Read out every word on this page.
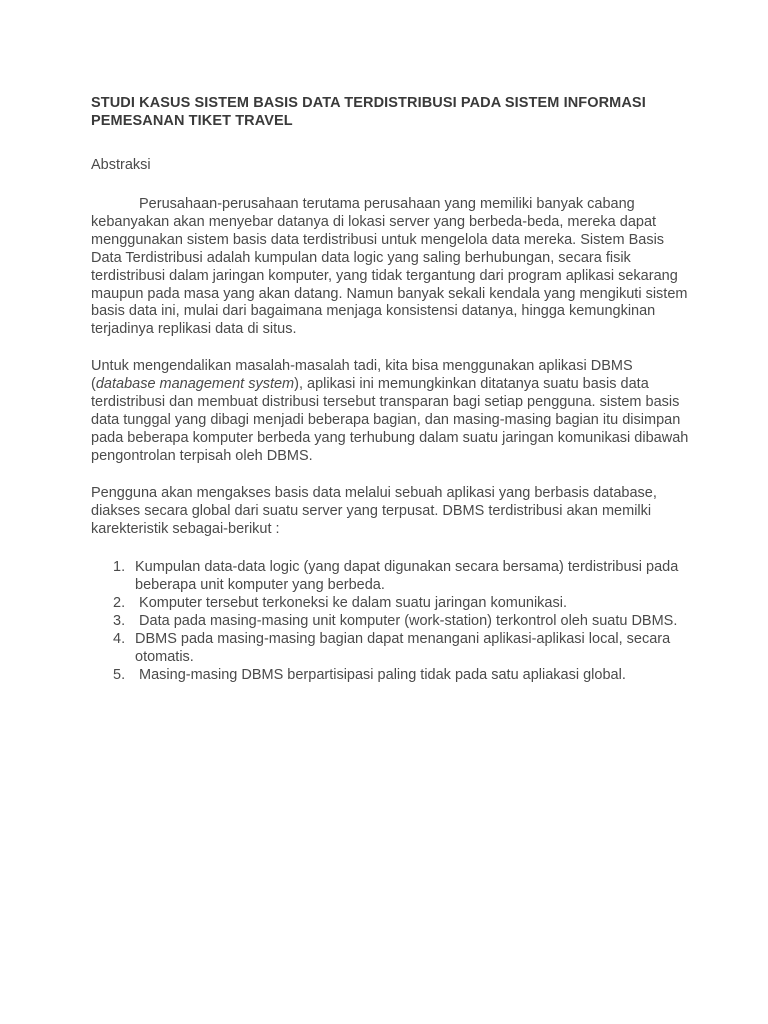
STUDI KASUS SISTEM BASIS DATA TERDISTRIBUSI PADA SISTEM INFORMASI PEMESANAN TIKET TRAVEL

Abstraksi

Perusahaan-perusahaan terutama perusahaan yang memiliki banyak cabang kebanyakan akan menyebar datanya di lokasi server yang berbeda-beda, mereka dapat menggunakan sistem basis data terdistribusi untuk mengelola data mereka. Sistem Basis Data Terdistribusi adalah kumpulan data logic yang saling berhubungan, secara fisik terdistribusi dalam jaringan komputer, yang tidak tergantung dari program aplikasi sekarang maupun pada masa yang akan datang. Namun banyak sekali kendala yang mengikuti sistem basis data ini, mulai dari bagaimana menjaga konsistensi datanya, hingga kemungkinan terjadinya replikasi data di situs.

Untuk mengendalikan masalah-masalah tadi, kita bisa menggunakan aplikasi DBMS (database management system), aplikasi ini memungkinkan ditatanya suatu basis data terdistribusi dan membuat distribusi tersebut transparan bagi setiap pengguna. sistem basis data tunggal yang dibagi menjadi beberapa bagian, dan masing-masing bagian itu disimpan pada beberapa komputer berbeda yang terhubung dalam suatu jaringan komunikasi dibawah pengontrolan terpisah oleh DBMS.

Pengguna akan mengakses basis data melalui sebuah aplikasi yang berbasis database, diakses secara global dari suatu server yang terpusat. DBMS terdistribusi akan memilki karekteristik sebagai-berikut :

1. Kumpulan data-data logic (yang dapat digunakan secara bersama) terdistribusi pada beberapa unit komputer yang berbeda.
2. Komputer tersebut terkoneksi ke dalam suatu jaringan komunikasi.
3. Data pada masing-masing unit komputer (work-station) terkontrol oleh suatu DBMS.
4. DBMS pada masing-masing bagian dapat menangani aplikasi-aplikasi local, secara otomatis.
5. Masing-masing DBMS berpartisipasi paling tidak pada satu apliakasi global.
